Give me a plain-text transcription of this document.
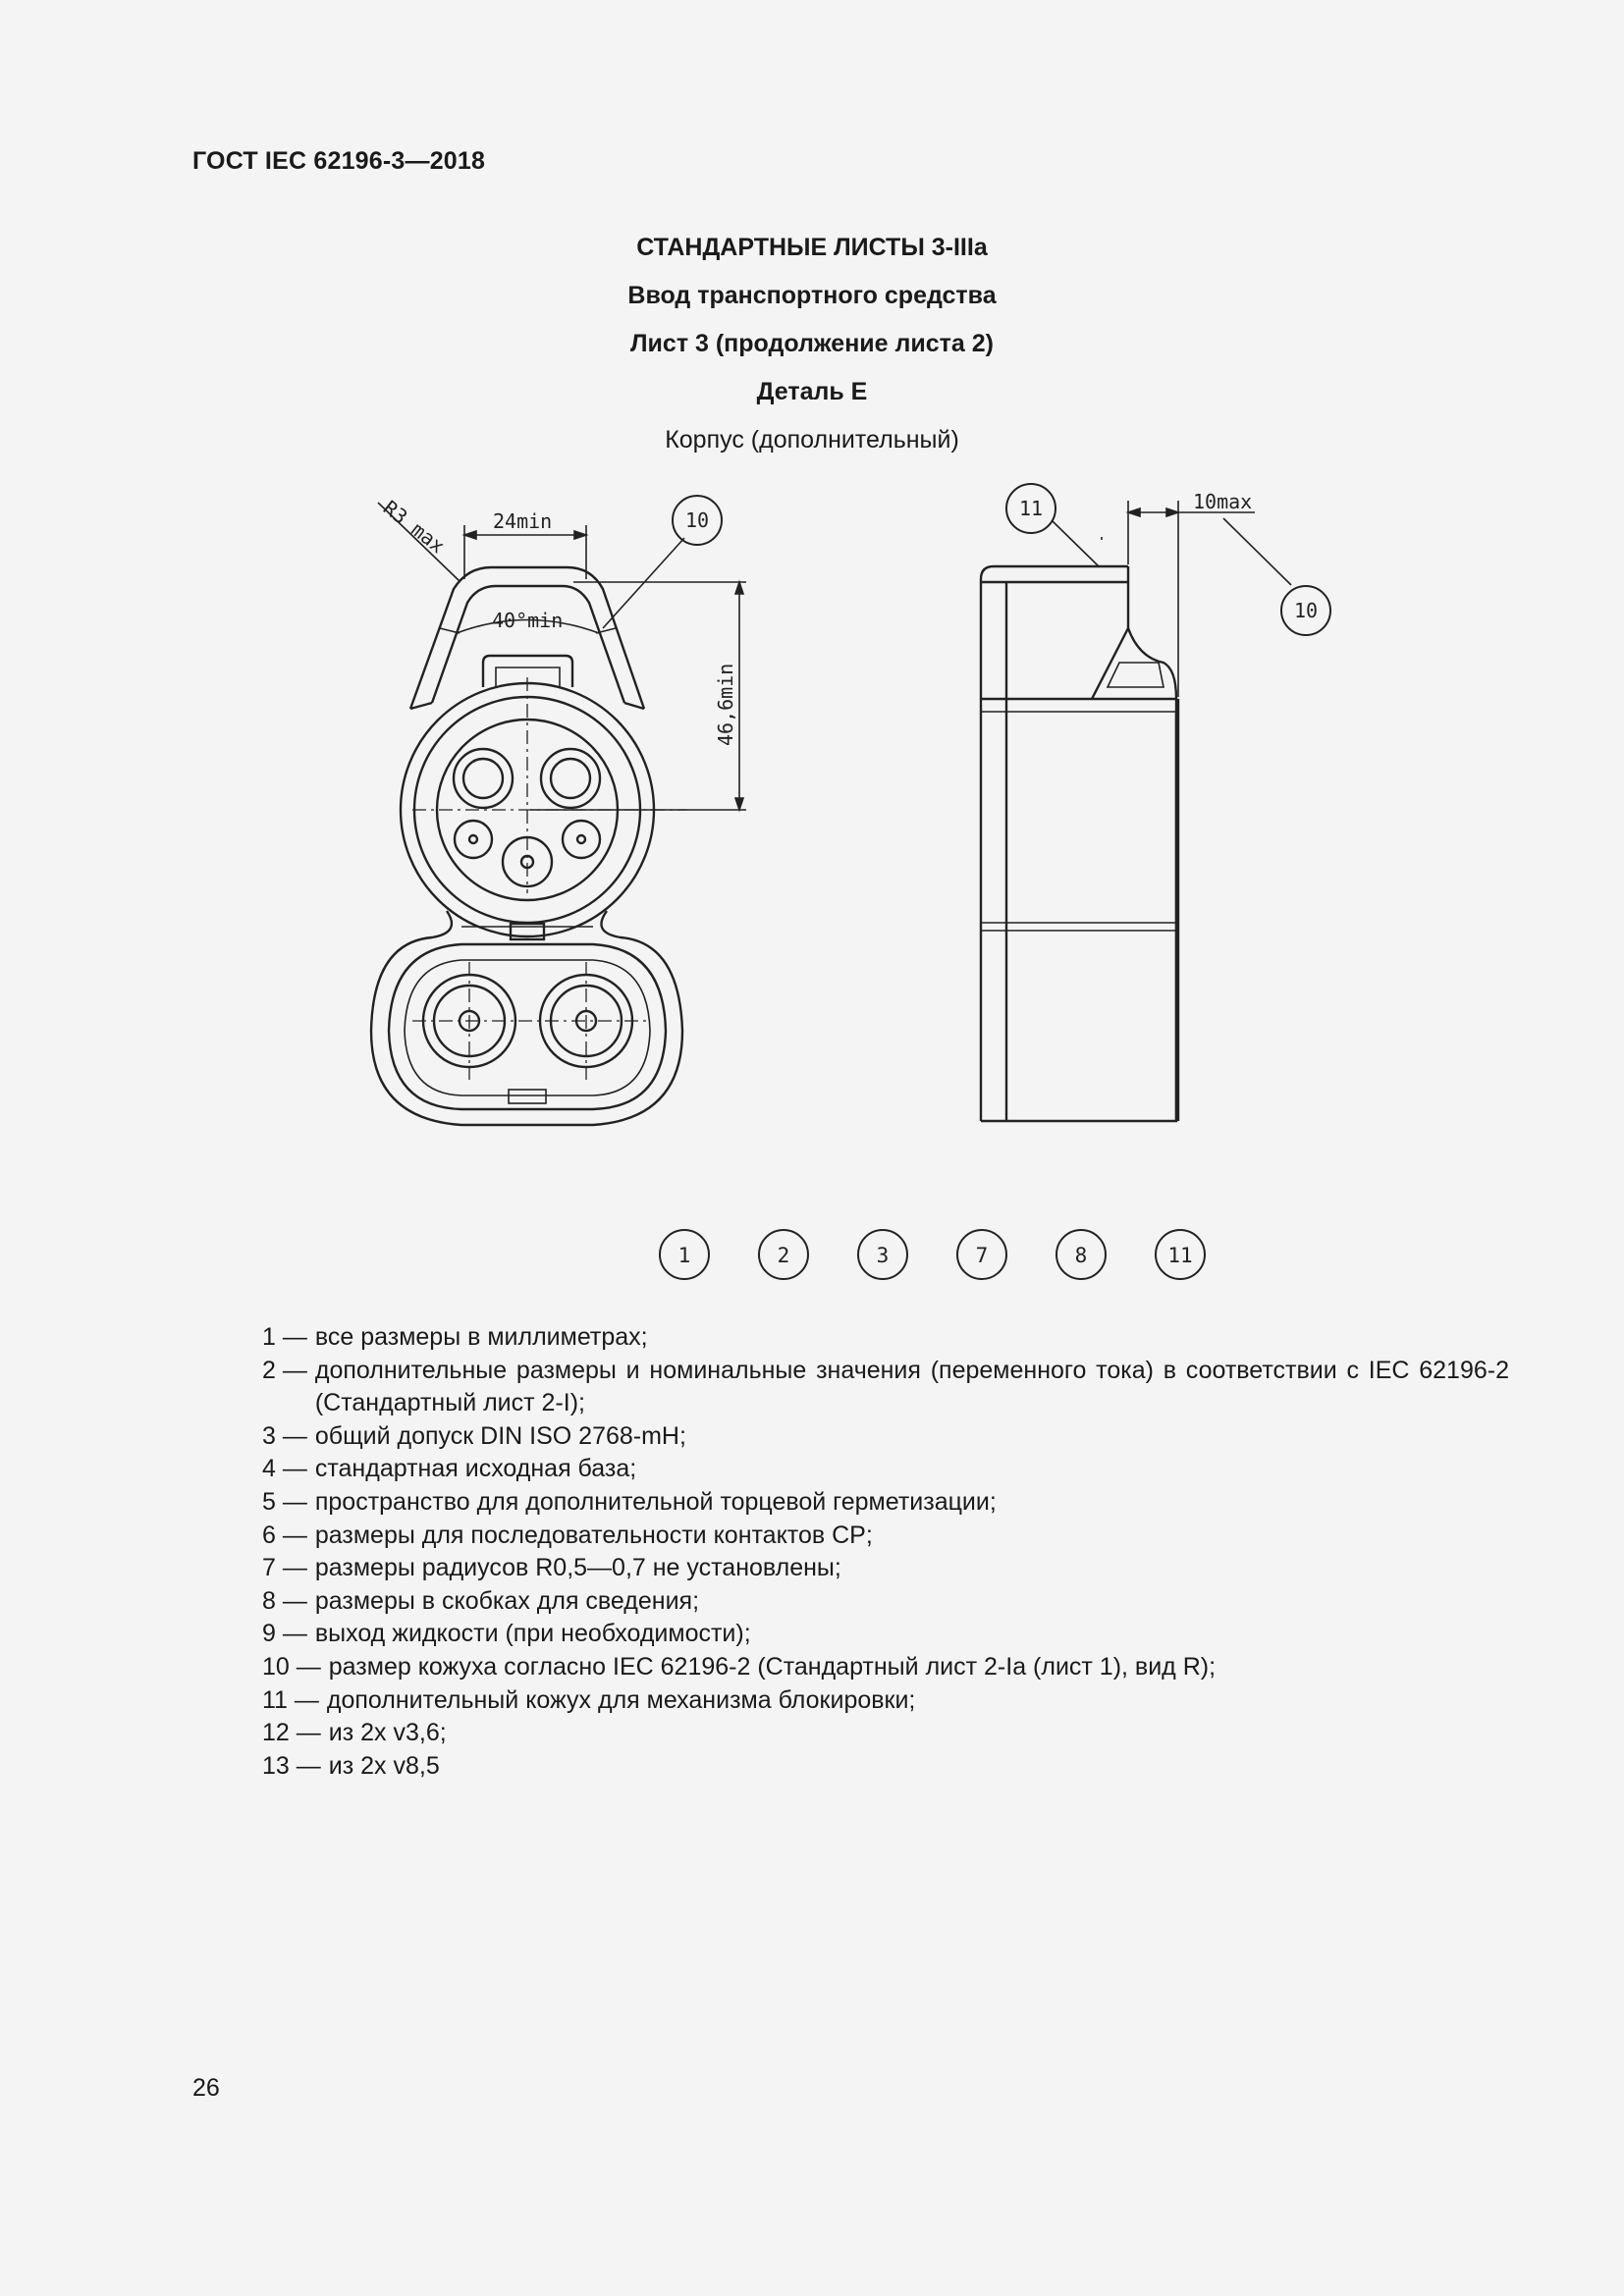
ГОСТ IEC 62196-3—2018
СТАНДАРТНЫЕ ЛИСТЫ 3-IIIa
Ввод транспортного средства
Лист 3 (продолжение листа 2)
Деталь E
Корпус (дополнительный)
R3 max 24min
40°min
46,6min
10max
10	11
10
1	2	3	7	8	11
1 — все размеры в миллиметрах;
2 — дополнительные размеры и номинальные значения (переменного тока) в соответствии с IEC 62196-2 (Стандартный лист 2-I);
3 — общий допуск DIN ISO 2768-mH;
4 — стандартная исходная база;
5 — пространство для дополнительной торцевой герметизации;
6 — размеры для последовательности контактов CP;
7 — размеры радиусов R0,5—0,7 не установлены;
8 — размеры в скобках для сведения;
9 — выход жидкости (при необходимости);
10 — размер кожуха согласно IEC 62196-2 (Стандартный лист 2-Ia (лист 1), вид R);
11 — дополнительный кожух для механизма блокировки;
12 — из 2x v3,6;
13 — из 2x v8,5
26
